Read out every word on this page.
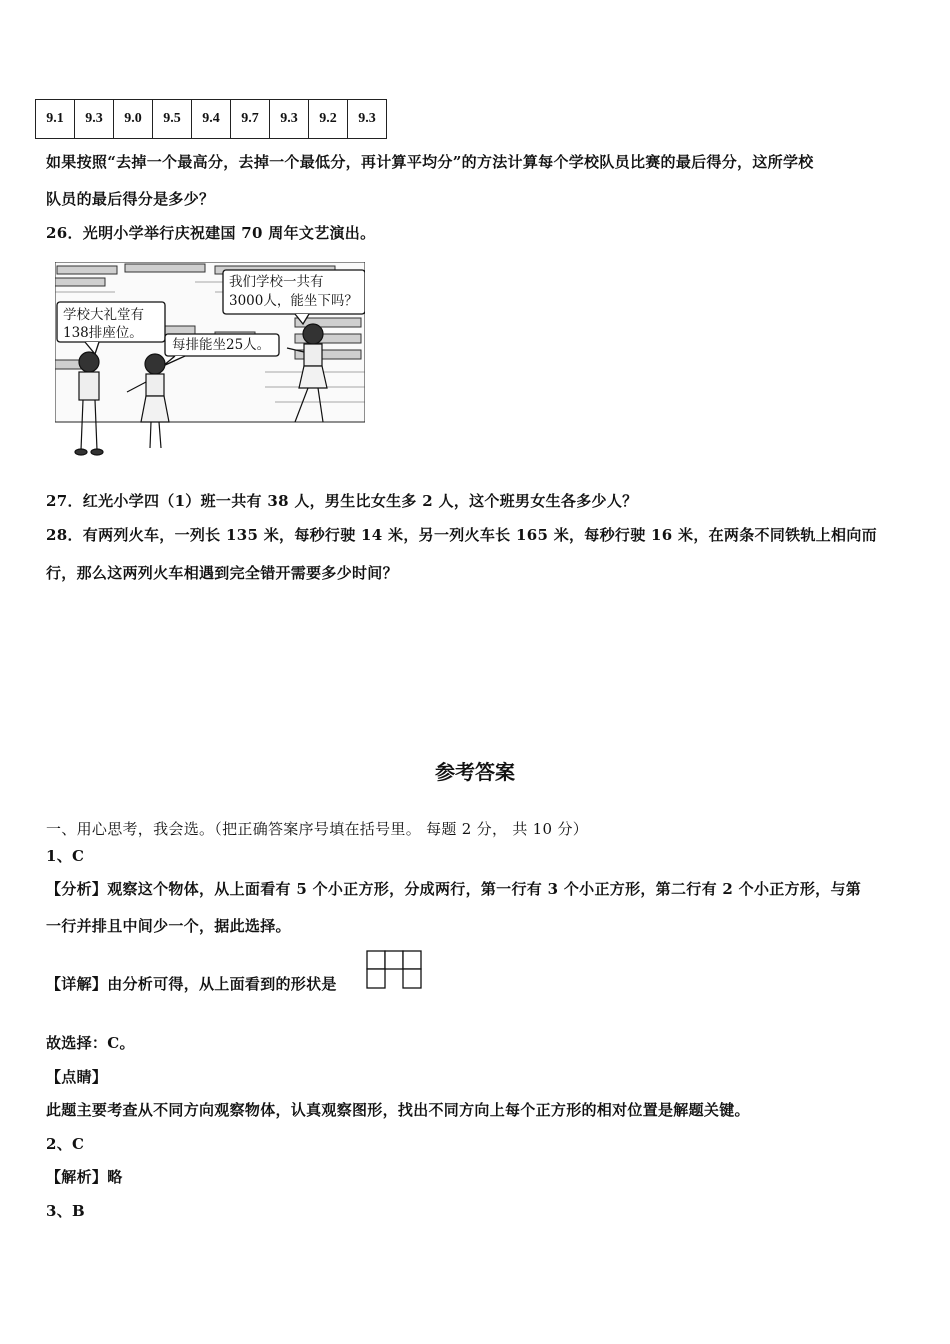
9.1	9.3	9.0	9.5	9.4	9.7	9.3	9.2	9.3
如果按照“去掉一个最高分，去掉一个最低分，再计算平均分”的方法计算每个学校队员比赛的最后得分，这所学校
队员的最后得分是多少？
26．光明小学举行庆祝建国 70 周年文艺演出。
学校大礼堂有
138排座位。
每排能坐25人。
我们学校一共有
3000人，能坐下吗？
27．红光小学四（1）班一共有 38 人，男生比女生多 2 人，这个班男女生各多少人？
28．有两列火车，一列长 135 米，每秒行驶 14 米，另一列火车长 165 米，每秒行驶 16 米，在两条不同铁轨上相向而
行，那么这两列火车相遇到完全错开需要多少时间？
参考答案
一、用心思考，我会选。（把正确答案序号填在括号里。 每题 2 分， 共 10 分）
1、C
【分析】观察这个物体，从上面看有 5 个小正方形，分成两行，第一行有 3 个小正方形，第二行有 2 个小正方形，与第
一行并排且中间少一个，据此选择。
【详解】由分析可得，从上面看到的形状是
故选择：C。
【点睛】
此题主要考查从不同方向观察物体，认真观察图形，找出不同方向上每个正方形的相对位置是解题关键。
2、C
【解析】略
3、B
